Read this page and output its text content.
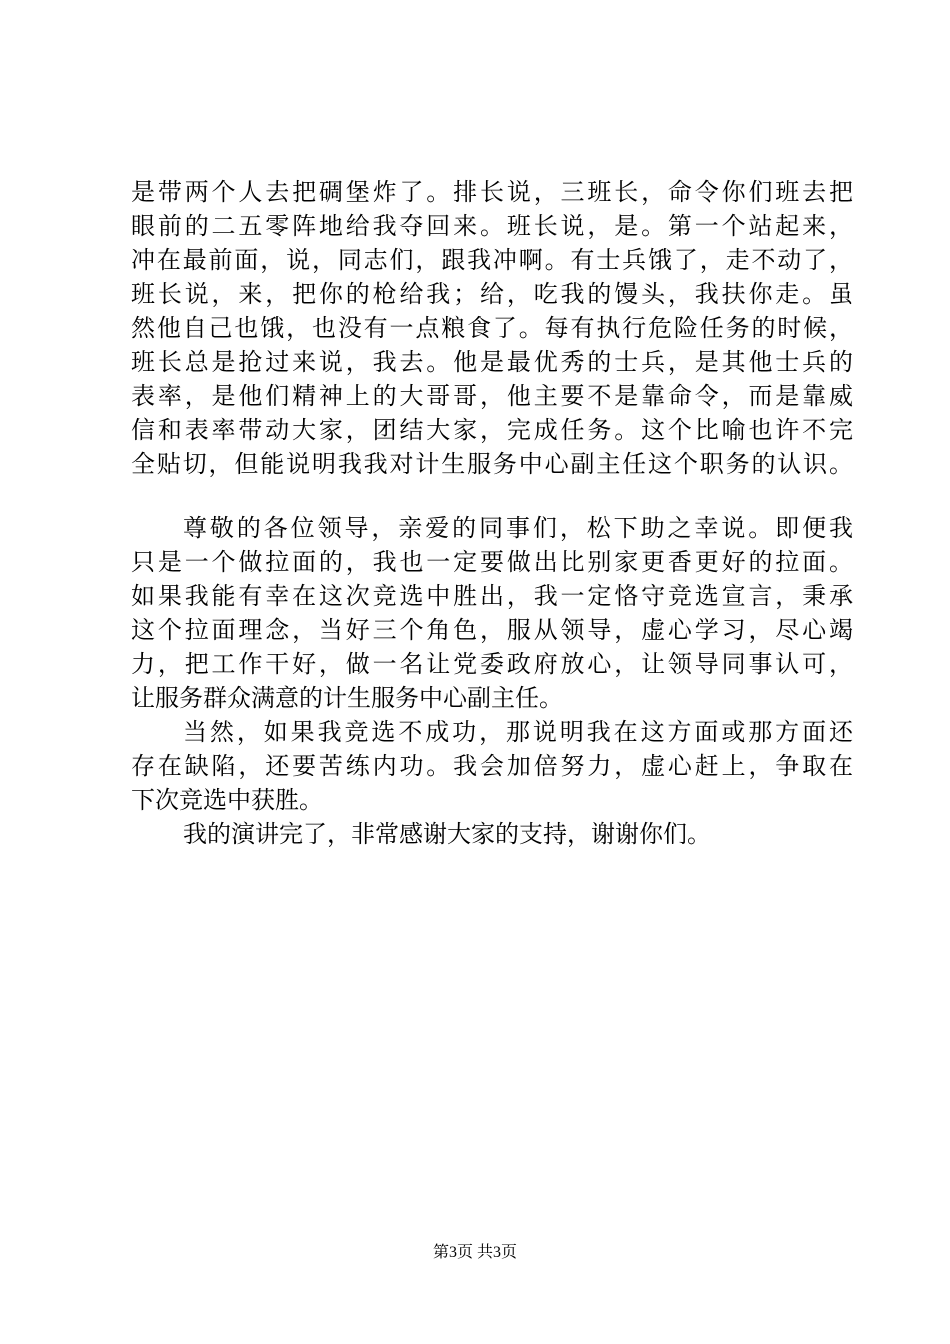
是带两个人去把碉堡炸了。排长说，三班长，命令你们班去把
眼前的二五零阵地给我夺回来。班长说，是。第一个站起来，
冲在最前面，说，同志们，跟我冲啊。有士兵饿了，走不动了，
班长说，来，把你的枪给我；给，吃我的馒头，我扶你走。虽
然他自己也饿，也没有一点粮食了。每有执行危险任务的时候，
班长总是抢过来说，我去。他是最优秀的士兵，是其他士兵的
表率，是他们精神上的大哥哥，他主要不是靠命令，而是靠威
信和表率带动大家，团结大家，完成任务。这个比喻也许不完
全贴切，但能说明我我对计生服务中心副主任这个职务的认识。
尊敬的各位领导，亲爱的同事们，松下助之幸说。即便我
只是一个做拉面的，我也一定要做出比别家更香更好的拉面。
如果我能有幸在这次竞选中胜出，我一定恪守竞选宣言，秉承
这个拉面理念，当好三个角色，服从领导，虚心学习，尽心竭
力，把工作干好，做一名让党委政府放心，让领导同事认可，
让服务群众满意的计生服务中心副主任。
当然，如果我竞选不成功，那说明我在这方面或那方面还
存在缺陷，还要苦练内功。我会加倍努力，虚心赶上，争取在
下次竞选中获胜。
我的演讲完了，非常感谢大家的支持，谢谢你们。
第3页 共3页
